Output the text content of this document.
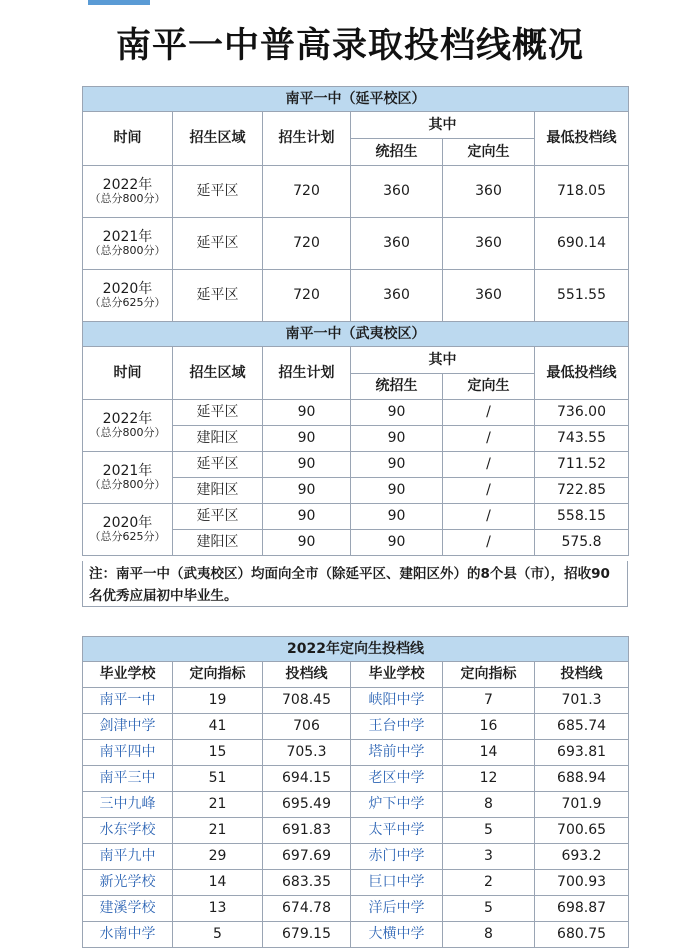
南平一中普高录取投档线概况
南平一中（延平校区）					
时间	招生区域	招生计划	其中		最低投档线
			统招生	定向生	

2022年
（总分800分）	延平区	720	360	360	718.05

2021年
（总分800分）	延平区	720	360	360	690.14

2020年
（总分625分）	延平区	720	360	360	551.55
南平一中（武夷校区）					
时间	招生区域	招生计划	其中		最低投档线
			统招生	定向生	

2022年
（总分800分）	延平区	90	90	/	736.00
	建阳区	90	90	/	743.55

2021年
（总分800分）	延平区	90	90	/	711.52
	建阳区	90	90	/	722.85

2020年
（总分625分）	延平区	90	90	/	558.15
	建阳区	90	90	/	575.8
注：南平一中（武夷校区）均面向全市（除延平区、建阳区外）的8个县（市），招收90名优秀应届初中毕业生。
2022年定向生投档线					
毕业学校	定向指标	投档线	毕业学校	定向指标	投档线
南平一中	19	708.45	峡阳中学	7	701.3
剑津中学	41	706	王台中学	16	685.74
南平四中	15	705.3	塔前中学	14	693.81
南平三中	51	694.15	老区中学	12	688.94
三中九峰	21	695.49	炉下中学	8	701.9
水东学校	21	691.83	太平中学	5	700.65
南平九中	29	697.69	赤门中学	3	693.2
新光学校	14	683.35	巨口中学	2	700.93
建溪学校	13	674.78	洋后中学	5	698.87
水南中学	5	679.15	大横中学	8	680.75
